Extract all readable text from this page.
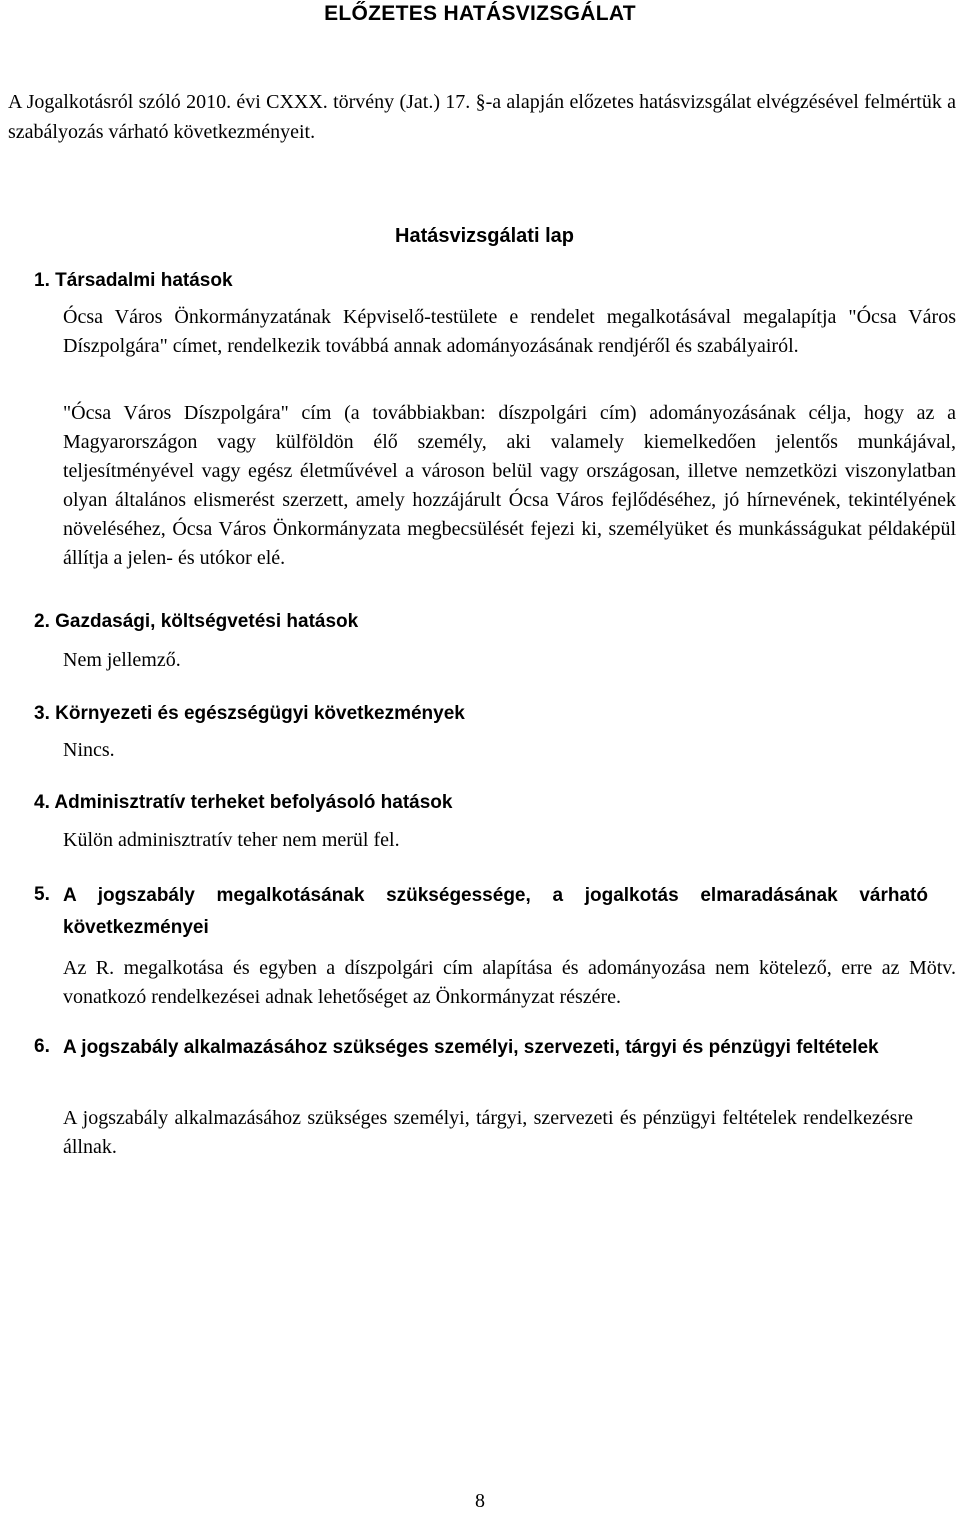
ELŐZETES HATÁSVIZSGÁLAT
A Jogalkotásról szóló 2010. évi CXXX. törvény (Jat.) 17. §-a alapján előzetes hatásvizsgálat elvégzésével felmértük a szabályozás várható következményeit.
Hatásvizsgálati lap
1. Társadalmi hatások
Ócsa Város Önkormányzatának Képviselő-testülete e rendelet megalkotásával megalapítja "Ócsa Város Díszpolgára" címet, rendelkezik továbbá annak adományozásának rendjéről és szabályairól.
"Ócsa Város Díszpolgára" cím (a továbbiakban: díszpolgári cím) adományozásának célja, hogy az a Magyarországon vagy külföldön élő személy, aki valamely kiemelkedően jelentős munkájával, teljesítményével vagy egész életművével a városon belül vagy országosan, illetve nemzetközi viszonylatban olyan általános elismerést szerzett, amely hozzájárult Ócsa Város fejlődéséhez, jó hírnevének, tekintélyének növeléséhez, Ócsa Város Önkormányzata megbecsülését fejezi ki, személyüket és munkásságukat példaképül állítja a jelen- és utókor elé.
2. Gazdasági, költségvetési hatások
Nem jellemző.
3. Környezeti és egészségügyi következmények
Nincs.
4. Adminisztratív terheket befolyásoló hatások
Külön adminisztratív teher nem merül fel.
5. A jogszabály megalkotásának szükségessége, a jogalkotás elmaradásának várható következményei
Az R. megalkotása és egyben a díszpolgári cím alapítása és adományozása nem kötelező, erre az Mötv. vonatkozó rendelkezései adnak lehetőséget az Önkormányzat részére.
6. A jogszabály alkalmazásához szükséges személyi, szervezeti, tárgyi és pénzügyi feltételek
A jogszabály alkalmazásához szükséges személyi, tárgyi, szervezeti és pénzügyi feltételek rendelkezésre állnak.
8
